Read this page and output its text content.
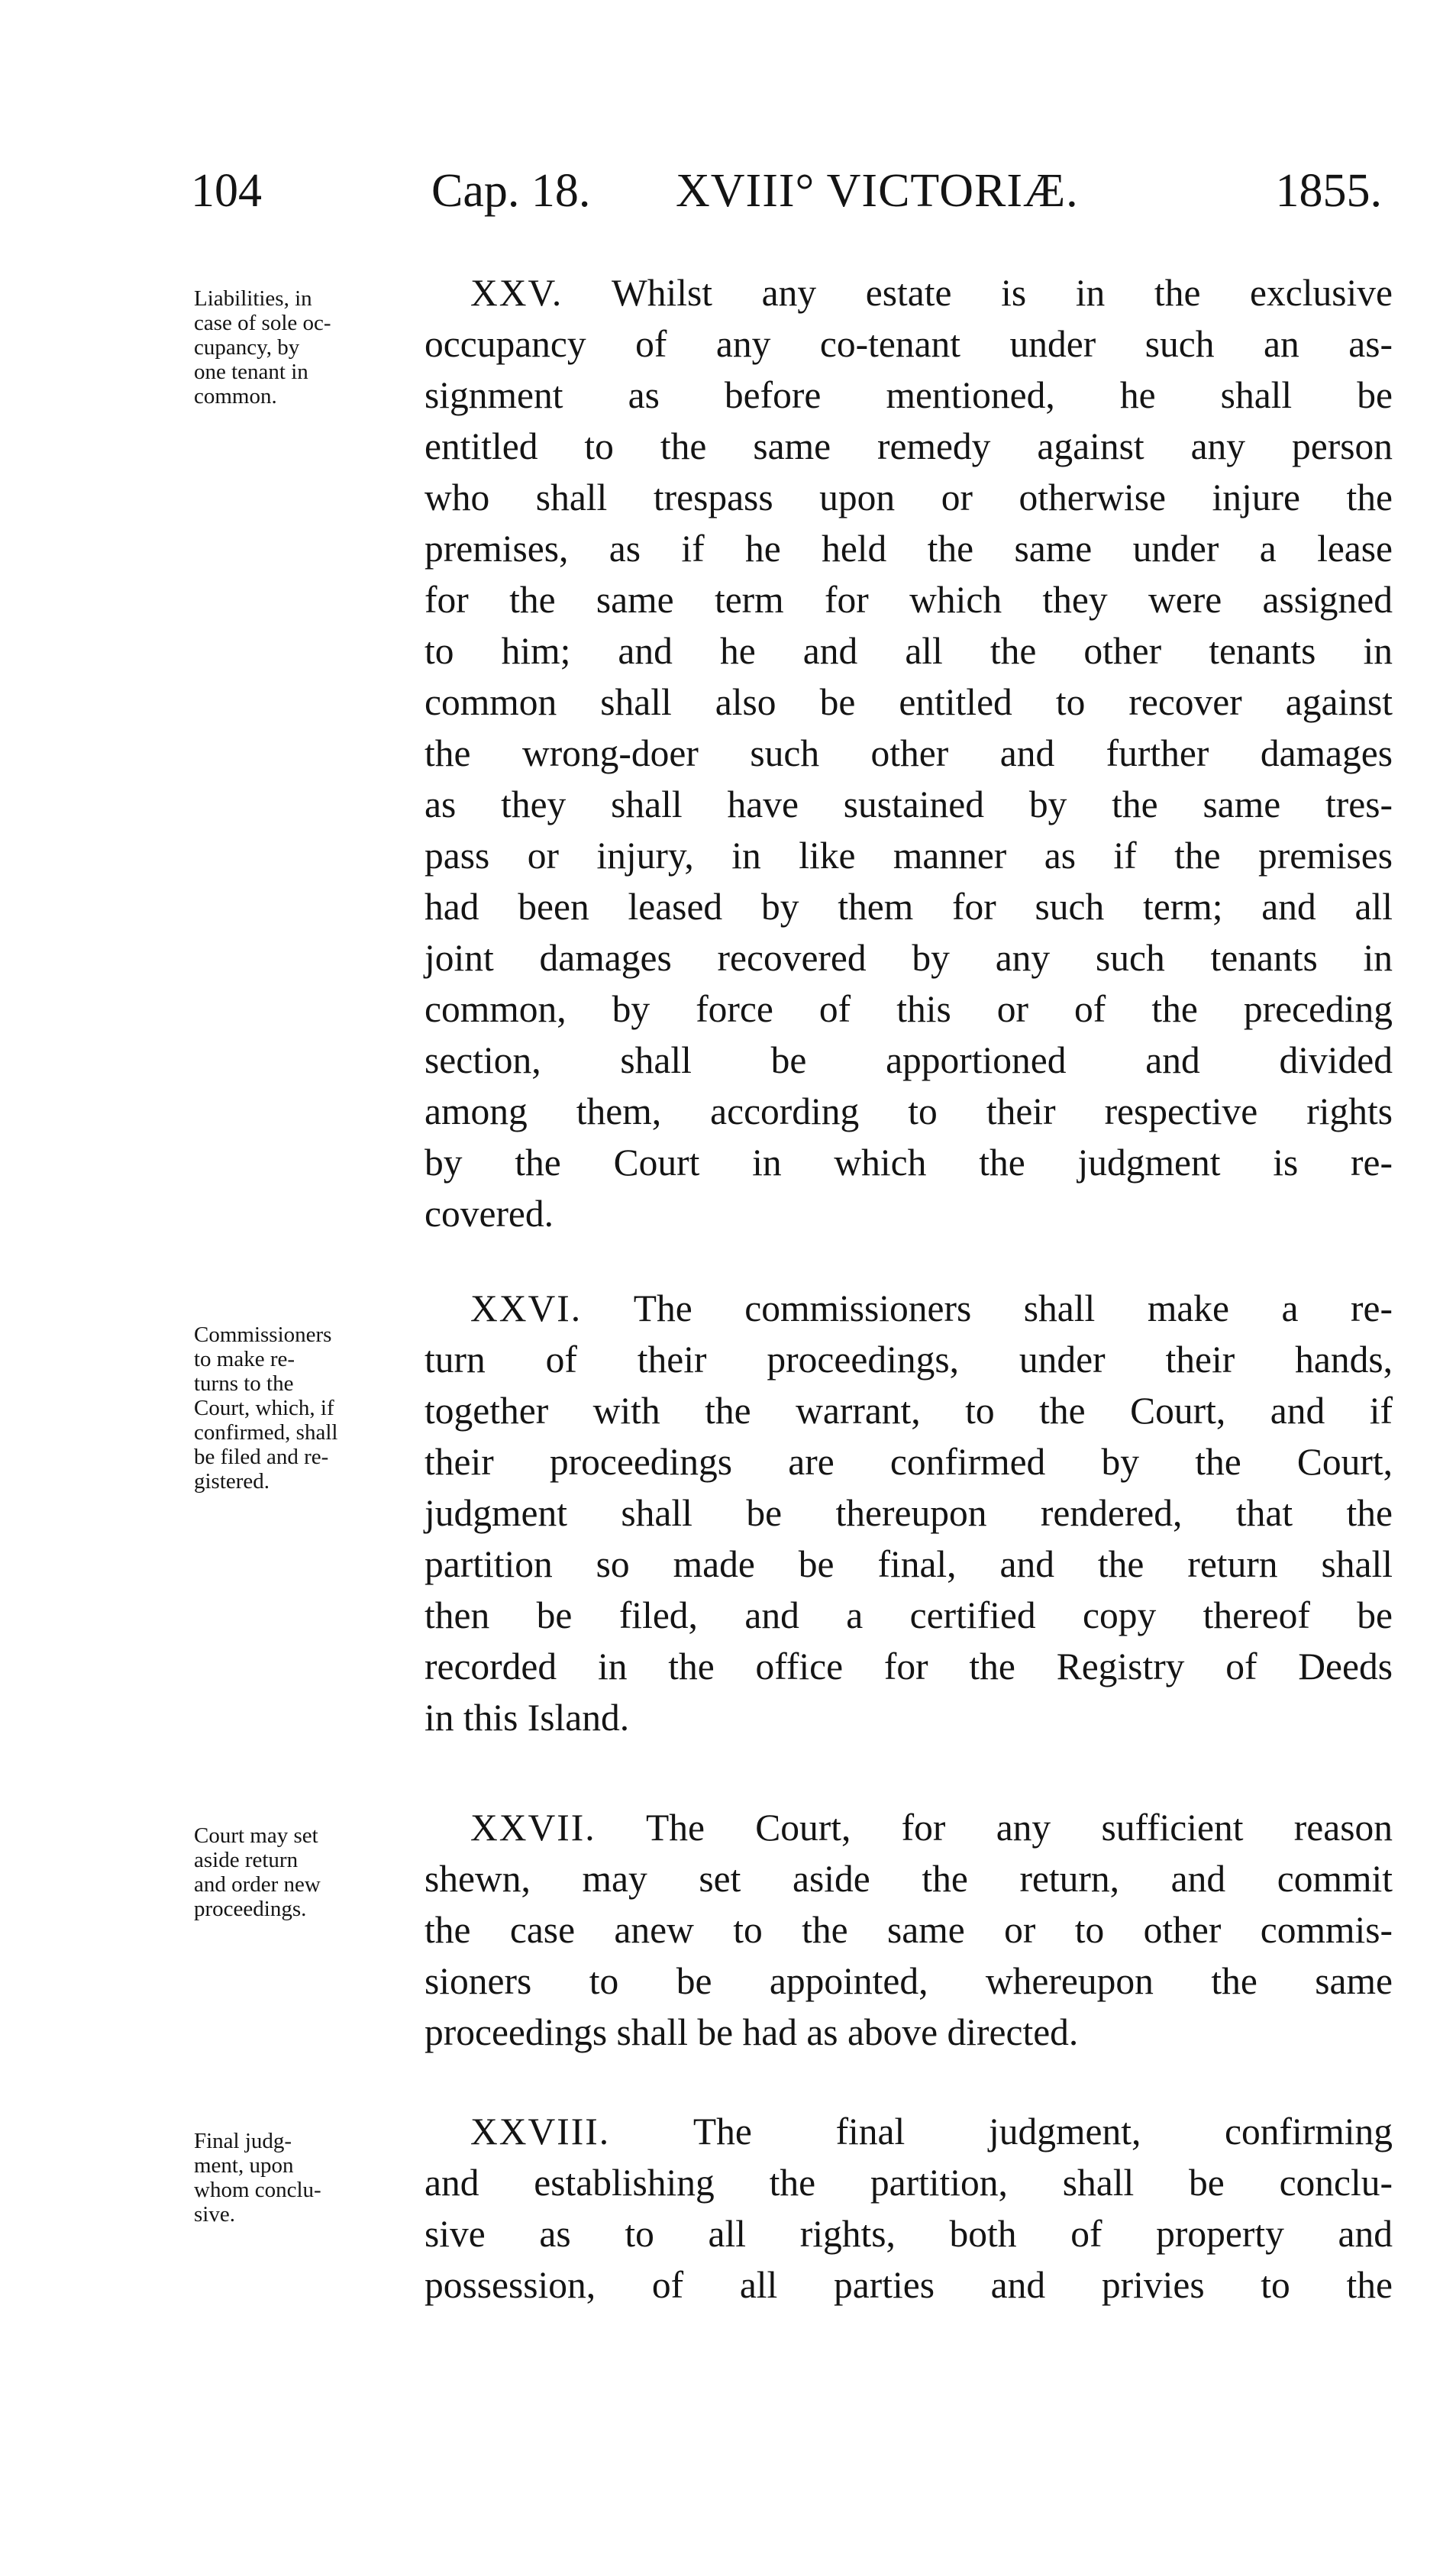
104	Cap. 18. XVIII° VICTORIÆ.	1855.
Liabilities, in
case of sole oc-
cupancy, by
one tenant in
common.
XXV. Whilst any estate is in the exclusive
occupancy of any co-tenant under such an as-
signment as before mentioned, he shall be
entitled to the same remedy against any person
who shall trespass upon or otherwise injure the
premises, as if he held the same under a lease
for the same term for which they were assigned
to him; and he and all the other tenants in
common shall also be entitled to recover against
the wrong-doer such other and further damages
as they shall have sustained by the same tres-
pass or injury, in like manner as if the premises
had been leased by them for such term; and all
joint damages recovered by any such tenants in
common, by force of this or of the preceding
section, shall be apportioned and divided
among them, according to their respective rights
by the Court in which the judgment is re-
covered.
Commissioners
to make re-
turns to the
Court, which, if
confirmed, shall
be filed and re-
gistered.
XXVI. The commissioners shall make a re-
turn of their proceedings, under their hands,
together with the warrant, to the Court, and if
their proceedings are confirmed by the Court,
judgment shall be thereupon rendered, that the
partition so made be final, and the return shall
then be filed, and a certified copy thereof be
recorded in the office for the Registry of Deeds
in this Island.
Court may set
aside return
and order new
proceedings.
XXVII. The Court, for any sufficient reason
shewn, may set aside the return, and commit
the case anew to the same or to other commis-
sioners to be appointed, whereupon the same
proceedings shall be had as above directed.
Final judg-
ment, upon
whom conclu-
sive.
XXVIII. The final judgment, confirming
and establishing the partition, shall be conclu-
sive as to all rights, both of property and
possession, of all parties and privies to the
